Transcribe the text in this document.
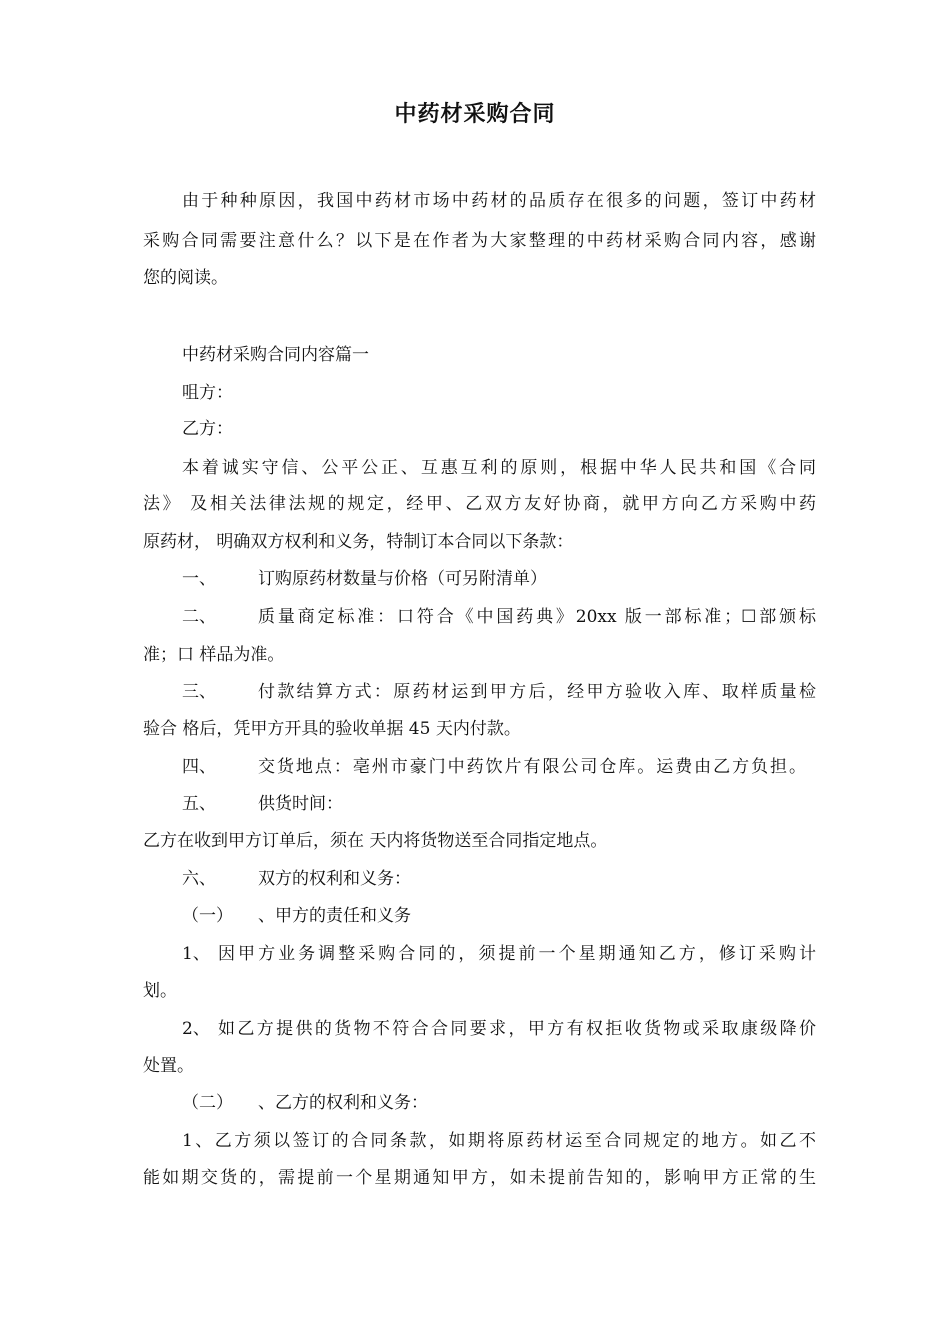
中药材采购合同
由于种种原因，我国中药材市场中药材的品质存在很多的问题，签订中药材
采购合同需要注意什么？以下是在作者为大家整理的中药材采购合同内容，感谢
您的阅读。
中药材采购合同内容篇一
咀方：
乙方：
本着诚实守信、公平公正、互惠互利的原则，根据中华人民共和国《合同
法》 及相关法律法规的规定，经甲、乙双方友好协商，就甲方向乙方采购中药
原药材， 明确双方权利和义务，特制订本合同以下条款：
一、 订购原药材数量与价格（可另附清单）
二、 质量商定标准：口符合《中国药典》20xx 版一部标准；☐部颁标
准；口 样品为准。
三、 付款结算方式：原药材运到甲方后，经甲方验收入库、取样质量检
验合 格后，凭甲方开具的验收单据 45 天内付款。
四、 交货地点：亳州市豪门中药饮片有限公司仓库。运费由乙方负担。
五、 供货时间：
乙方在收到甲方订单后，须在 天内将货物送至合同指定地点。
六、 双方的权利和义务：
（一） 、甲方的责任和义务
1、 因甲方业务调整采购合同的，须提前一个星期通知乙方，修订采购计
划。
2、 如乙方提供的货物不符合合同要求，甲方有权拒收货物或采取康级降价
处置。
（二） 、乙方的权利和义务：
1、乙方须以签订的合同条款，如期将原药材运至合同规定的地方。如乙不
能如期交货的，需提前一个星期通知甲方，如未提前告知的，影响甲方正常的生
